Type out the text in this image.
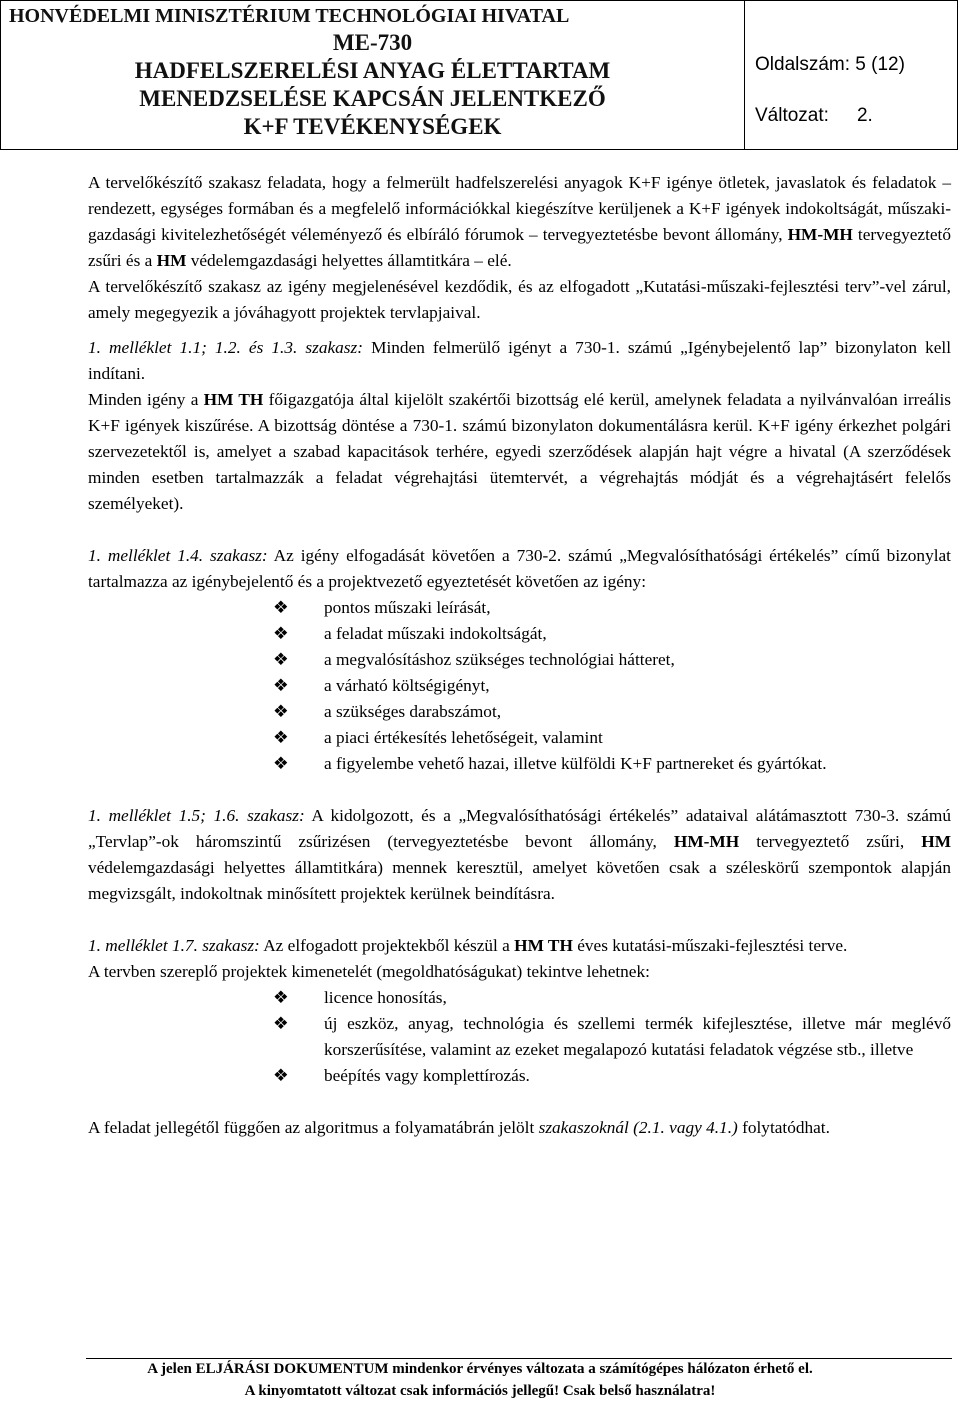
HONVÉDELMI MINISZTÉRIUM TECHNOLÓGIAI HIVATAL
ME-730
HADFELSZERELÉSI ANYAG ÉLETTARTAM
MENEDZSELÉSE KAPCSÁN JELENTKEZŐ
K+F TEVÉKENYSÉGEK
Oldalszám: 5 (12)
Változat: 2.

A tervelőkészítő szakasz feladata, hogy a felmerült hadfelszerelési anyagok K+F igénye ötletek, javaslatok és feladatok – rendezett, egységes formában és a megfelelő információkkal kiegészítve kerüljenek a K+F igények indokoltságát, műszaki-gazdasági kivitelezhetőségét véleményező és elbíráló fórumok – tervegyeztetésbe bevont állomány, HM-MH tervegyeztető zsűri és a HM védelemgazdasági helyettes államtitkára – elé.

A tervelőkészítő szakasz az igény megjelenésével kezdődik, és az elfogadott „Kutatási-műszaki-fejlesztési terv”-vel zárul, amely megegyezik a jóváhagyott projektek tervlapjaival.

1. melléklet 1.1; 1.2. és 1.3. szakasz: Minden felmerülő igényt a 730-1. számú „Igénybejelentő lap” bizonylaton kell indítani.

Minden igény a HM TH főigazgatója által kijelölt szakértői bizottság elé kerül, amelynek feladata a nyilvánvalóan irreális K+F igények kiszűrése. A bizottság döntése a 730-1. számú bizonylaton dokumentálásra kerül. K+F igény érkezhet polgári szervezetektől is, amelyet a szabad kapacitások terhére, egyedi szerződések alapján hajt végre a hivatal (A szerződések minden esetben tartalmazzák a feladat végrehajtási ütemtervét, a végrehajtás módját és a végrehajtásért felelős személyeket).

1. melléklet 1.4. szakasz: Az igény elfogadását követően a 730-2. számú „Megvalósíthatósági értékelés” című bizonylat tartalmazza az igénybejelentő és a projektvezető egyeztetését követően az igény:

❖ pontos műszaki leírását,
❖ a feladat műszaki indokoltságát,
❖ a megvalósításhoz szükséges technológiai hátteret,
❖ a várható költségigényt,
❖ a szükséges darabszámot,
❖ a piaci értékesítés lehetőségeit, valamint
❖ a figyelembe vehető hazai, illetve külföldi K+F partnereket és gyártókat.

1. melléklet 1.5; 1.6. szakasz: A kidolgozott, és a „Megvalósíthatósági értékelés” adataival alátámasztott 730-3. számú „Tervlap”-ok háromszintű zsűrizésen (tervegyeztetésbe bevont állomány, HM-MH tervegyeztető zsűri, HM védelemgazdasági helyettes államtitkára) mennek keresztül, amelyet követően csak a széleskörű szempontok alapján megvizsgált, indokoltnak minősített projektek kerülnek beindításra.

1. melléklet 1.7. szakasz: Az elfogadott projektekből készül a HM TH éves kutatási-műszaki-fejlesztési terve.

A tervben szereplő projektek kimenetelét (megoldhatóságukat) tekintve lehetnek:

❖ licence honosítás,
❖ új eszköz, anyag, technológia és szellemi termék kifejlesztése, illetve már meglévő korszerűsítése, valamint az ezeket megalapozó kutatási feladatok végzése stb., illetve
❖ beépítés vagy komplettírozás.

A feladat jellegétől függően az algoritmus a folyamatábrán jelölt szakaszoknál (2.1. vagy 4.1.) folytatódhat.

A jelen ELJÁRÁSI DOKUMENTUM mindenkor érvényes változata a számítógépes hálózaton érhető el.
A kinyomtatott változat csak információs jellegű! Csak belső használatra!
